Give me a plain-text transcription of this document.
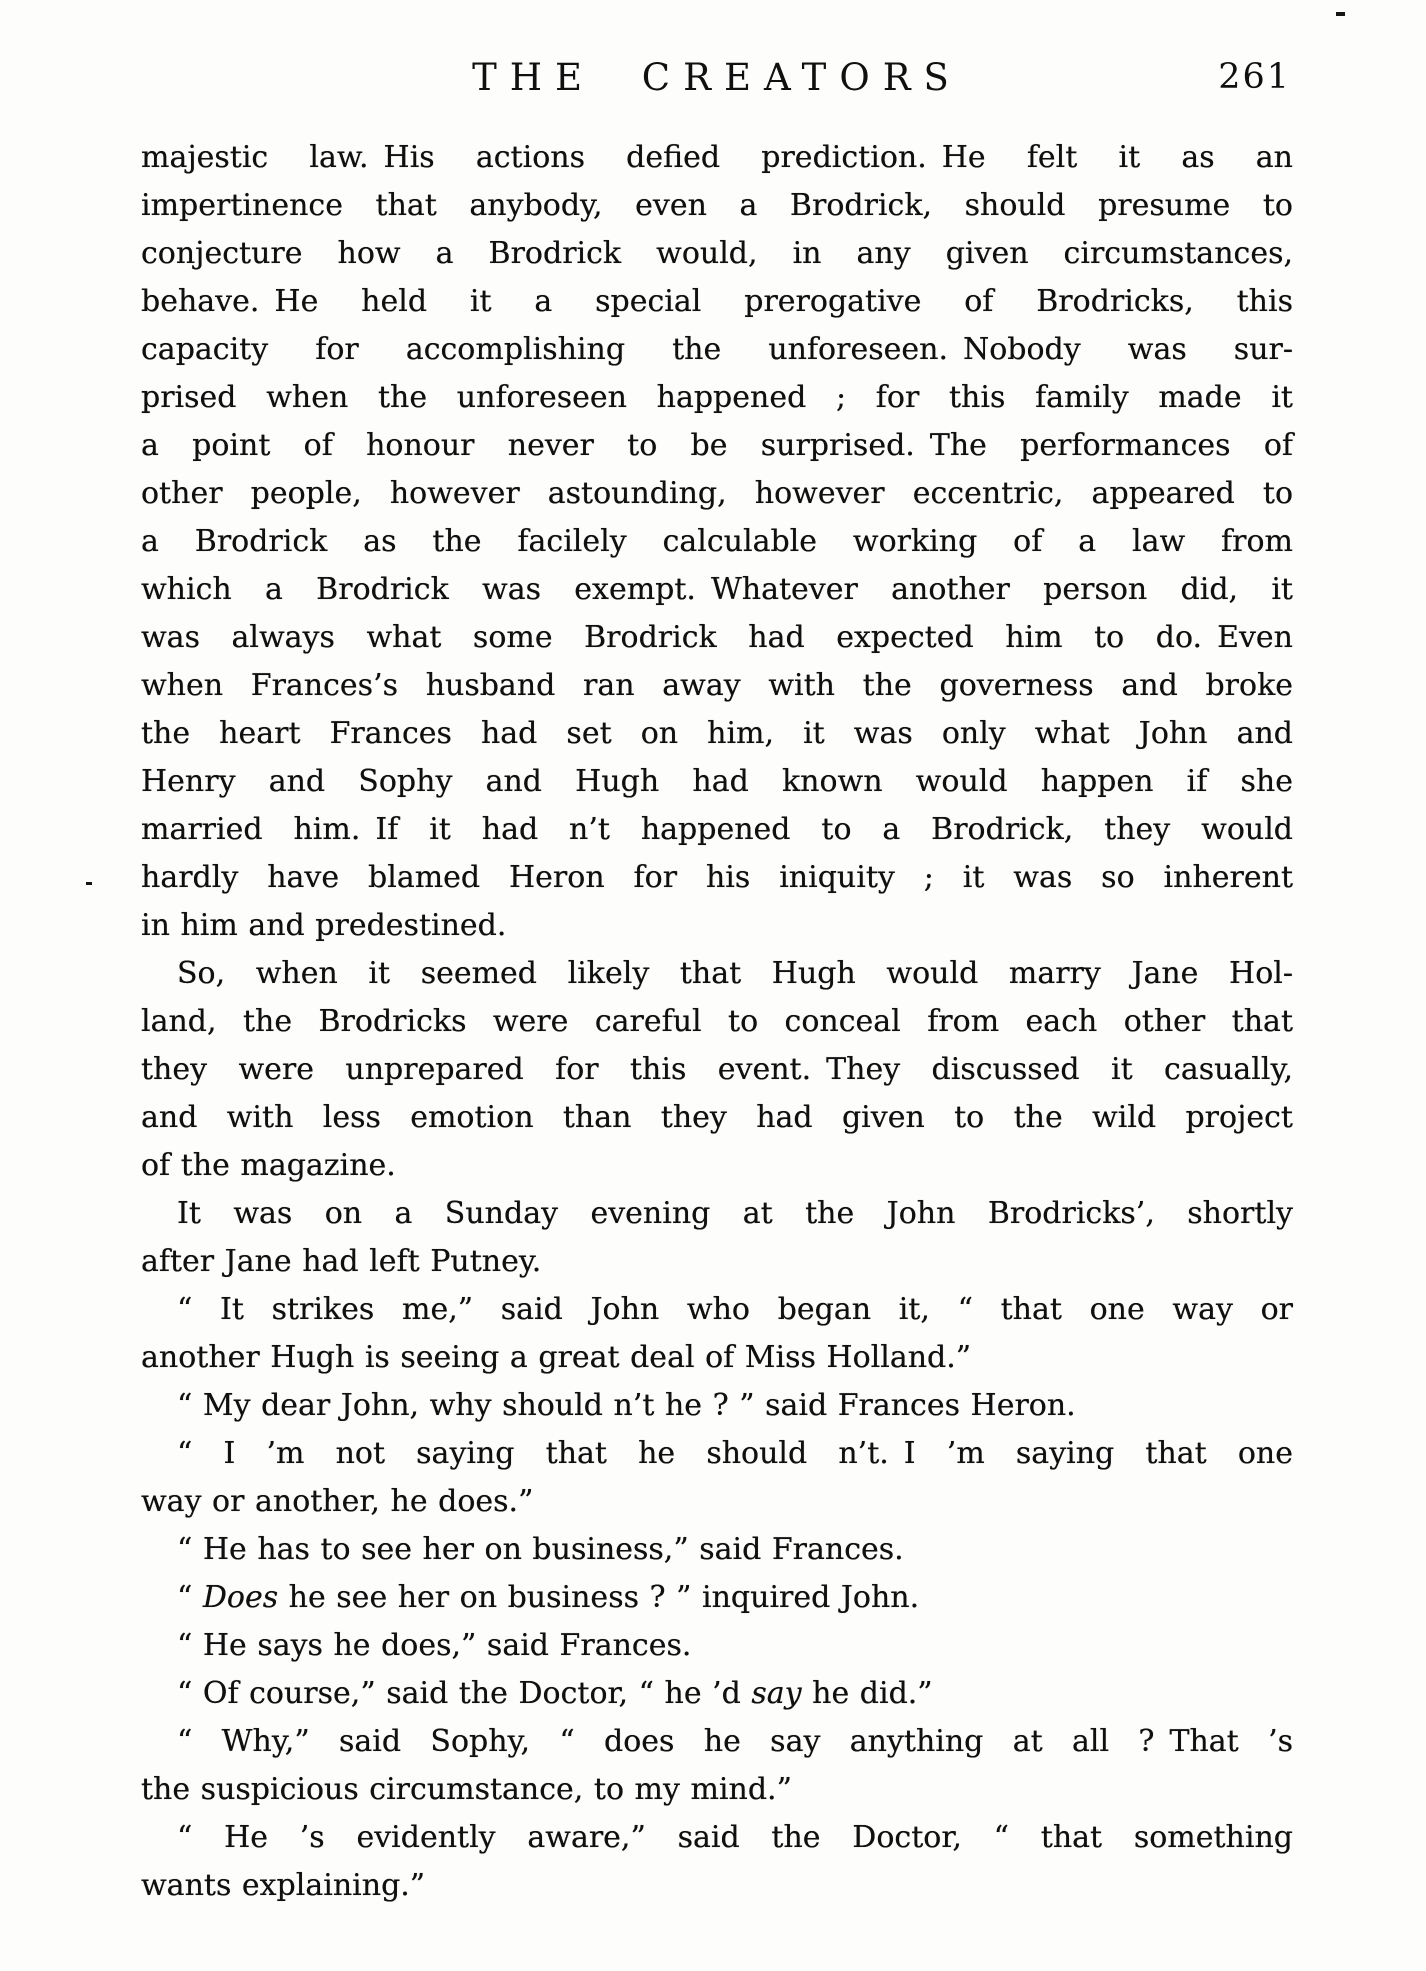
THE CREATORS	261
majestic law. His actions defied prediction. He felt it as an
impertinence that anybody, even a Brodrick, should presume to
conjecture how a Brodrick would, in any given circumstances,
behave. He held it a special prerogative of Brodricks, this
capacity for accomplishing the unforeseen. Nobody was sur-
prised when the unforeseen happened ; for this family made it
a point of honour never to be surprised. The performances of
other people, however astounding, however eccentric, appeared to
a Brodrick as the facilely calculable working of a law from
which a Brodrick was exempt. Whatever another person did, it
was always what some Brodrick had expected him to do. Even
when Frances’s husband ran away with the governess and broke
the heart Frances had set on him, it was only what John and
Henry and Sophy and Hugh had known would happen if she
married him. If it had n’t happened to a Brodrick, they would
hardly have blamed Heron for his iniquity ; it was so inherent
in him and predestined.
So, when it seemed likely that Hugh would marry Jane Hol-
land, the Brodricks were careful to conceal from each other that
they were unprepared for this event. They discussed it casually,
and with less emotion than they had given to the wild project
of the magazine.
It was on a Sunday evening at the John Brodricks’, shortly
after Jane had left Putney.
“ It strikes me,” said John who began it, “ that one way or
another Hugh is seeing a great deal of Miss Holland.”
“ My dear John, why should n’t he ? ” said Frances Heron.
“ I ’m not saying that he should n’t. I ’m saying that one
way or another, he does.”
“ He has to see her on business,” said Frances.
“ Does he see her on business ? ” inquired John.
“ He says he does,” said Frances.
“ Of course,” said the Doctor, “ he ’d say he did.”
“ Why,” said Sophy, “ does he say anything at all ? That ’s
the suspicious circumstance, to my mind.”
“ He ’s evidently aware,” said the Doctor, “ that something
wants explaining.”
